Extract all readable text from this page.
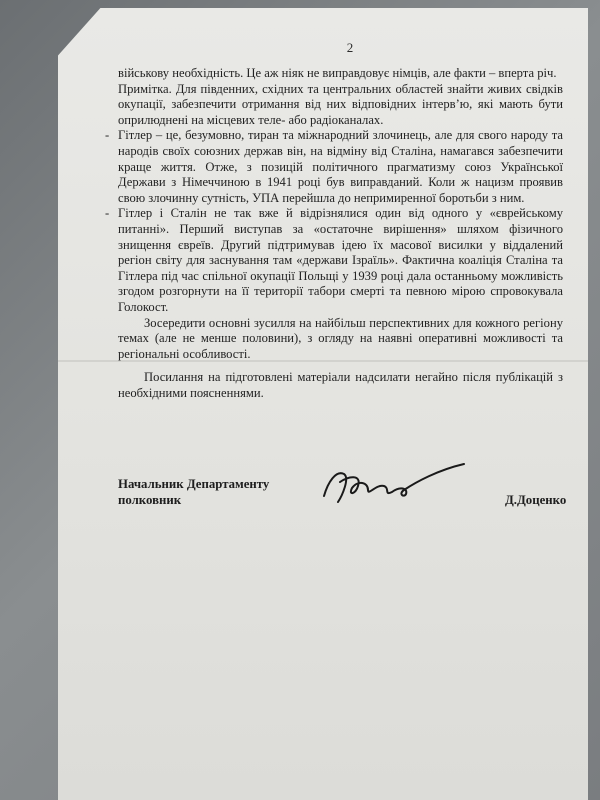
2

військову необхідність. Це аж ніяк не виправдовує німців, але факти – вперта річ.

Примітка. Для південних, східних та центральних областей знайти живих свідків окупації, забезпечити отримання від них відповідних інтерв’ю, які мають бути оприлюднені на місцевих теле- або радіоканалах.

- Гітлер – це, безумовно, тиран та міжнародний злочинець, але для свого народу та народів своїх союзних держав він, на відміну від Сталіна, намагався забезпечити краще життя. Отже, з позицій політичного прагматизму союз Української Держави з Німеччиною в 1941 році був виправданий. Коли ж нацизм проявив свою злочинну сутність, УПА перейшла до непримиренної боротьби з ним.

- Гітлер і Сталін не так вже й відрізнялися один від одного у «єврейському питанні». Перший виступав за «остаточне вирішення» шляхом фізичного знищення євреїв. Другий підтримував ідею їх масової висилки у віддалений регіон світу для заснування там «держави Ізраїль». Фактична коаліція Сталіна та Гітлера під час спільної окупації Польщі у 1939 році дала останньому можливість згодом розгорнути на її території табори смерті та певною мірою спровокувала Голокост.

Зосередити основні зусилля на найбільш перспективних для кожного регіону темах (але не менше половини), з огляду на наявні оперативні можливості та регіональні особливості.

Посилання на підготовлені матеріали надсилати негайно після публікацій з необхідними поясненнями.

Начальник Департаменту
полковник	Д.Доценко
